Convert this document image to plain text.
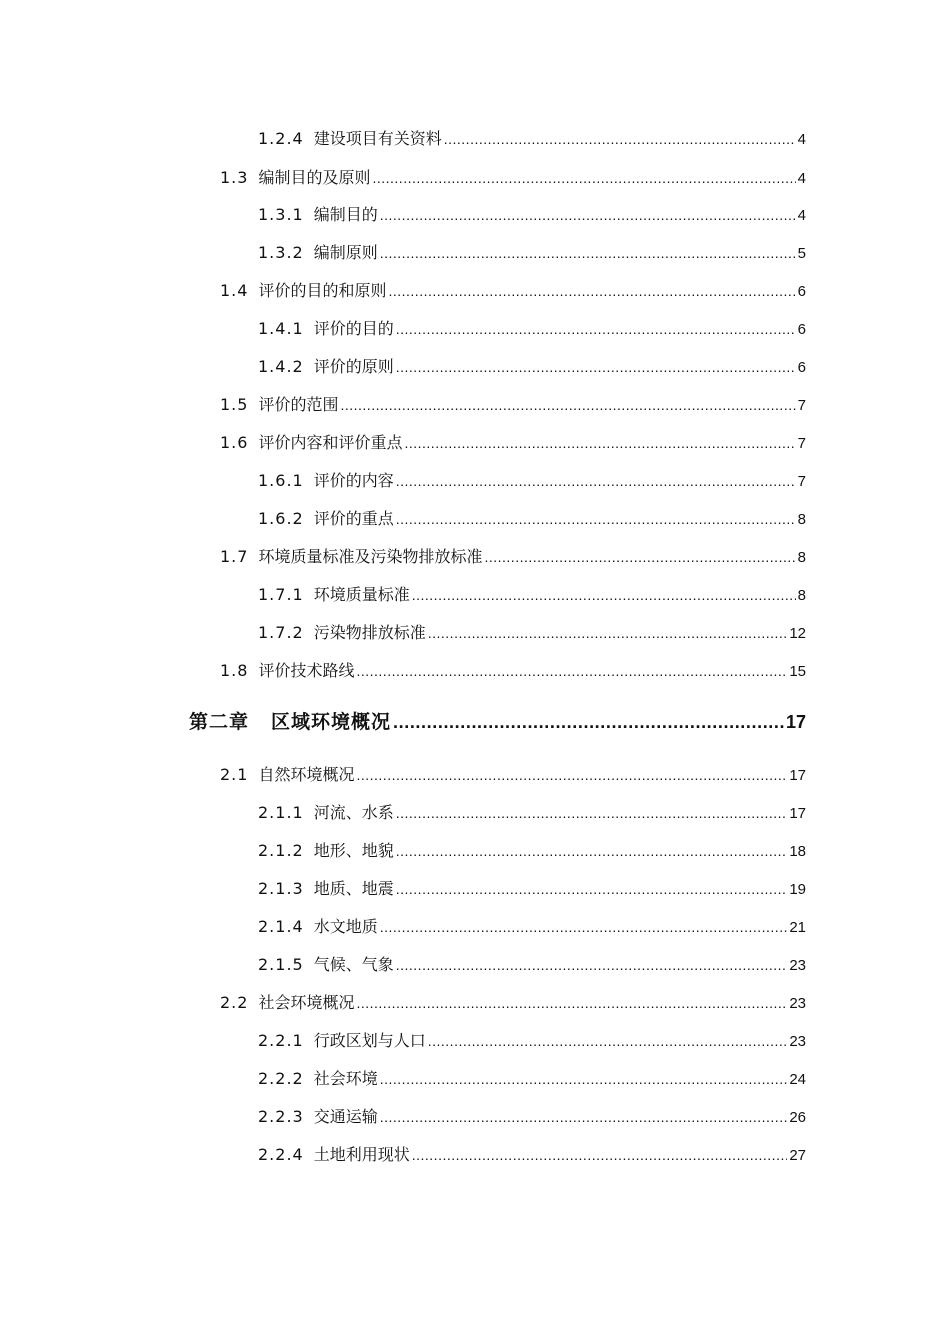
1.2.4 建设项目有关资料 .....	4
1.3 编制目的及原则 .....	4
1.3.1 编制目的 .....	4
1.3.2 编制原则 .....	5
1.4 评价的目的和原则 .....	6
1.4.1 评价的目的 .....	6
1.4.2 评价的原则 .....	6
1.5 评价的范围 .....	7
1.6 评价内容和评价重点 .....	7
1.6.1 评价的内容 .....	7
1.6.2 评价的重点 .....	8
1.7 环境质量标准及污染物排放标准 .....	8
1.7.1 环境质量标准 .....	8
1.7.2 污染物排放标准 .....	12
1.8 评价技术路线 .....	15
第二章 区域环境概况 .....	17
2.1 自然环境概况 .....	17
2.1.1 河流、水系 .....	17
2.1.2 地形、地貌 .....	18
2.1.3 地质、地震 .....	19
2.1.4 水文地质 .....	21
2.1.5 气候、气象 .....	23
2.2 社会环境概况 .....	23
2.2.1 行政区划与人口 .....	23
2.2.2 社会环境 .....	24
2.2.3 交通运输 .....	26
2.2.4 土地利用现状 .....	27
